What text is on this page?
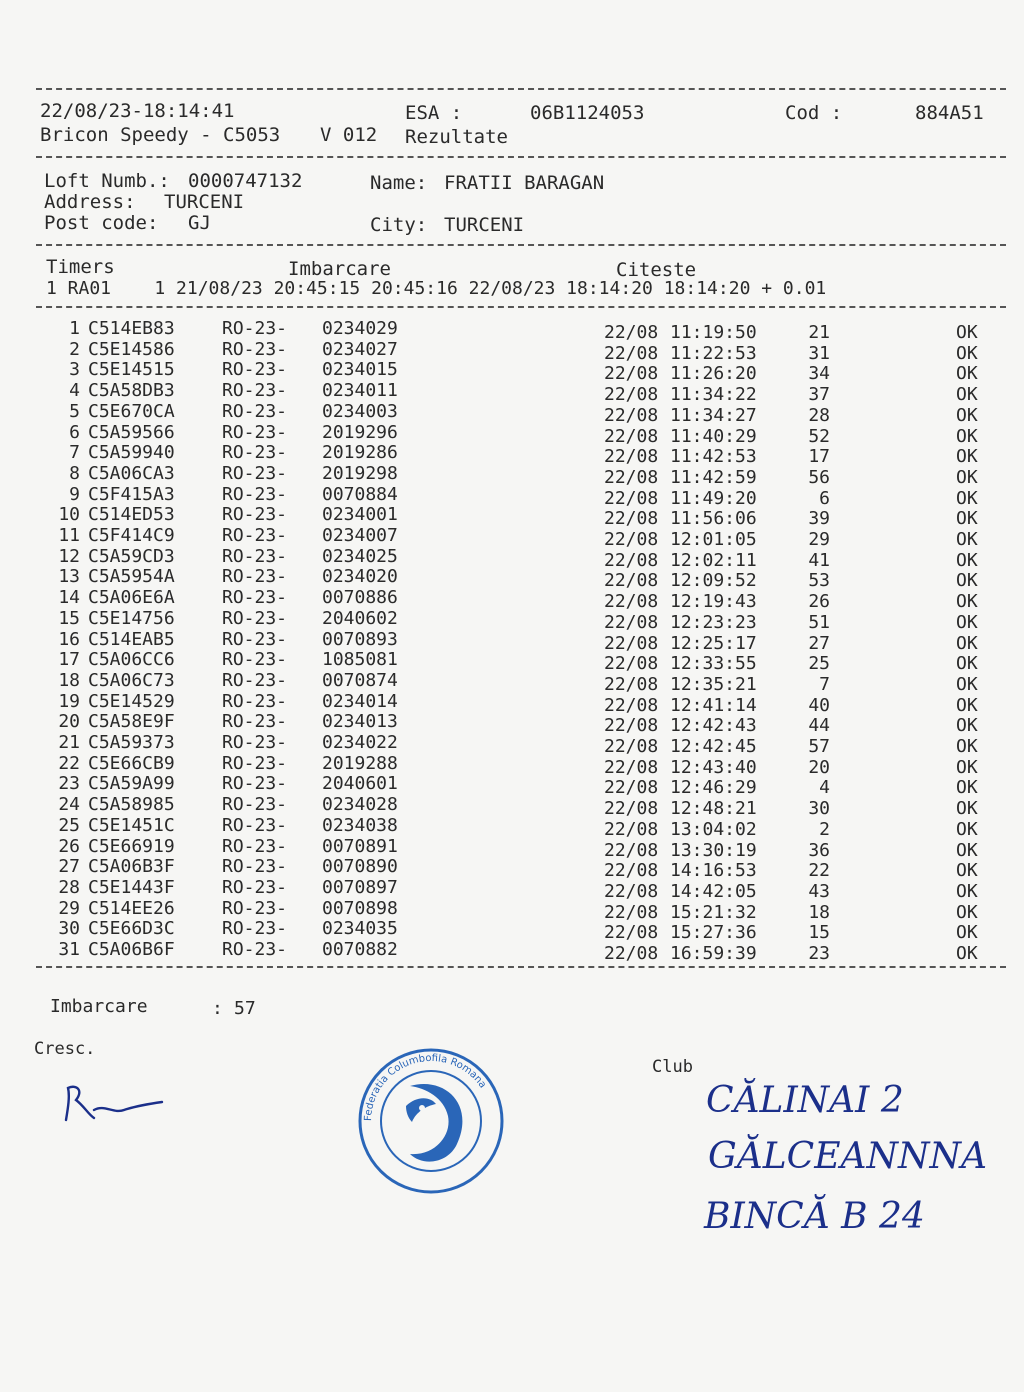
22/08/23-18:14:41	ESA :	06B1124053	Cod :	884A51
Bricon Speedy - C5053 V 012 Rezultate
Loft Numb.: 0000747132	Name: FRATII BARAGAN
Address: TURCENI
Post code: GJ	City: TURCENI
Timers	Imbarcare	Citeste
1 RA01    1 21/08/23 20:45:15 20:45:16 22/08/23 18:14:20 18:14:20 + 0.01
1 C514EB83	RO-23- 0234029	22/08 11:19:50	21	OK
2 C5E14586	RO-23- 0234027	22/08 11:22:53	31	OK
3 C5E14515	RO-23- 0234015	22/08 11:26:20	34	OK
4 C5A58DB3	RO-23- 0234011	22/08 11:34:22	37	OK
5 C5E670CA	RO-23- 0234003	22/08 11:34:27	28	OK
6 C5A59566	RO-23- 2019296	22/08 11:40:29	52	OK
7 C5A59940	RO-23- 2019286	22/08 11:42:53	17	OK
8 C5A06CA3	RO-23- 2019298	22/08 11:42:59	56	OK
9 C5F415A3	RO-23- 0070884	22/08 11:49:20	6	OK
10 C514ED53	RO-23- 0234001	22/08 11:56:06	39	OK
11 C5F414C9	RO-23- 0234007	22/08 12:01:05	29	OK
12 C5A59CD3	RO-23- 0234025	22/08 12:02:11	41	OK
13 C5A5954A	RO-23- 0234020	22/08 12:09:52	53	OK
14 C5A06E6A	RO-23- 0070886	22/08 12:19:43	26	OK
15 C5E14756	RO-23- 2040602	22/08 12:23:23	51	OK
16 C514EAB5	RO-23- 0070893	22/08 12:25:17	27	OK
17 C5A06CC6	RO-23- 1085081	22/08 12:33:55	25	OK
18 C5A06C73	RO-23- 0070874	22/08 12:35:21	7	OK
19 C5E14529	RO-23- 0234014	22/08 12:41:14	40	OK
20 C5A58E9F	RO-23- 0234013	22/08 12:42:43	44	OK
21 C5A59373	RO-23- 0234022	22/08 12:42:45	57	OK
22 C5E66CB9	RO-23- 2019288	22/08 12:43:40	20	OK
23 C5A59A99	RO-23- 2040601	22/08 12:46:29	4	OK
24 C5A58985	RO-23- 0234028	22/08 12:48:21	30	OK
25 C5E1451C	RO-23- 0234038	22/08 13:04:02	2	OK
26 C5E66919	RO-23- 0070891	22/08 13:30:19	36	OK
27 C5A06B3F	RO-23- 0070890	22/08 14:16:53	22	OK
28 C5E1443F	RO-23- 0070897	22/08 14:42:05	43	OK
29 C514EE26	RO-23- 0070898	22/08 15:21:32	18	OK
30 C5E66D3C	RO-23- 0234035	22/08 15:27:36	15	OK
31 C5A06B6F	RO-23- 0070882	22/08 16:59:39	23	OK
Imbarcare	: 57
Cresc.
Club
Federatia Columbofila Romana	CĂLINAI 2
GĂLCEANNNA
BINCĂ B 24
